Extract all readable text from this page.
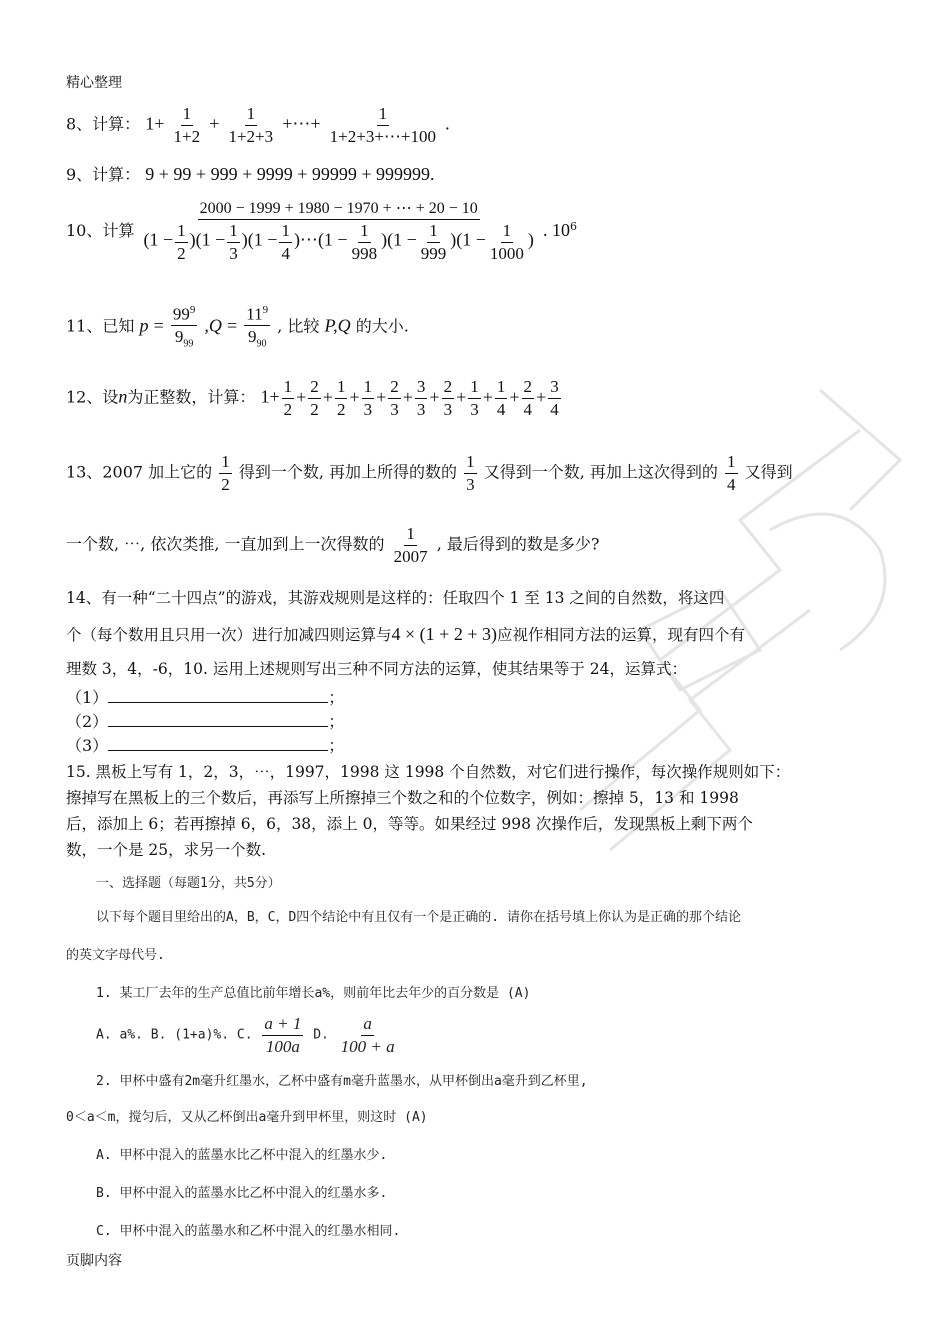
精心整理
8、计算： $1+ \frac{1}{1+2} + \frac{1}{1+2+3}$ +⋯+ $\frac{1}{1+2+3+\cdots+100}$ .
9、计算： 9 + 99 + 999 + 9999 + 99999 + 999999.
10、计算 $\frac{2000 - 1999 + 1980 - 1970 + \cdots + 20 - 10}{(1 - \frac{1}{2} )(1 - \frac{1}{3} )(1 - \frac{1}{4} )\cdots(1 - \frac{1}{998} )(1 - \frac{1}{999} )(1 - \frac{1}{1000} )}$ . $10^6$
11、已知 $p = \frac{99^9}{9_{99}} ,Q = \frac{11^9}{9_{90}}$ , 比较 P,Q 的大小.
12、设n为正整数，计算： $1+ \frac{1}{2} + \frac{2}{2} + \frac{1}{2} + \frac{1}{3} + \frac{2}{3} + \frac{3}{3} + \frac{2}{3} + \frac{1}{3} + \frac{1}{4} + \frac{2}{4} + \frac{3}{4}$
13、2007 加上它的 $\frac{1}{2}$ 得到一个数, 再加上所得的数的 $\frac{1}{3}$ 又得到一个数, 再加上这次得到的 $\frac{1}{4}$ 又得到
一个数, ⋯, 依次类推, 一直加到上一次得数的 $\frac{1}{2007}$ , 最后得到的数是多少?
14、有一种“二十四点”的游戏，其游戏规则是这样的：任取四个 1 至 13 之间的自然数，将这四
个（每个数用且只用一次）进行加减四则运算与4 × (1 + 2 + 3)应视作相同方法的运算，现有四个有
理数 3，4，-6，10. 运用上述规则写出三种不同方法的运算，使其结果等于 24，运算式：
（1）	；
（2）	；
（3）	；
15. 黑板上写有 1，2，3，⋯，1997，1998 这 1998 个自然数，对它们进行操作，每次操作规则如下：
擦掉写在黑板上的三个数后，再添写上所擦掉三个数之和的个位数字，例如：擦掉 5，13 和 1998
后，添加上 6；若再擦掉 6，6，38，添上 0，等等。如果经过 998 次操作后，发现黑板上剩下两个
数，一个是 25，求另一个数.
一、选择题（每题1分，共5分）
以下每个题目里给出的A，B，C，D四个结论中有且仅有一个是正确的. 请你在括号填上你认为是正确的那个结论
的英文字母代号.
1. 某工厂去年的生产总值比前年增长a%，则前年比去年少的百分数是 (A)
A. a%. B. (1+a)%. C. $\frac{a + 1}{100a} D$. $\frac{a}{100 + a}$
2. 甲杯中盛有2m毫升红墨水，乙杯中盛有m毫升蓝墨水，从甲杯倒出a毫升到乙杯里,
0＜a＜m，搅匀后，又从乙杯倒出a毫升到甲杯里，则这时 (A)
A. 甲杯中混入的蓝墨水比乙杯中混入的红墨水少.
B. 甲杯中混入的蓝墨水比乙杯中混入的红墨水多.
C. 甲杯中混入的蓝墨水和乙杯中混入的红墨水相同.
页脚内容
